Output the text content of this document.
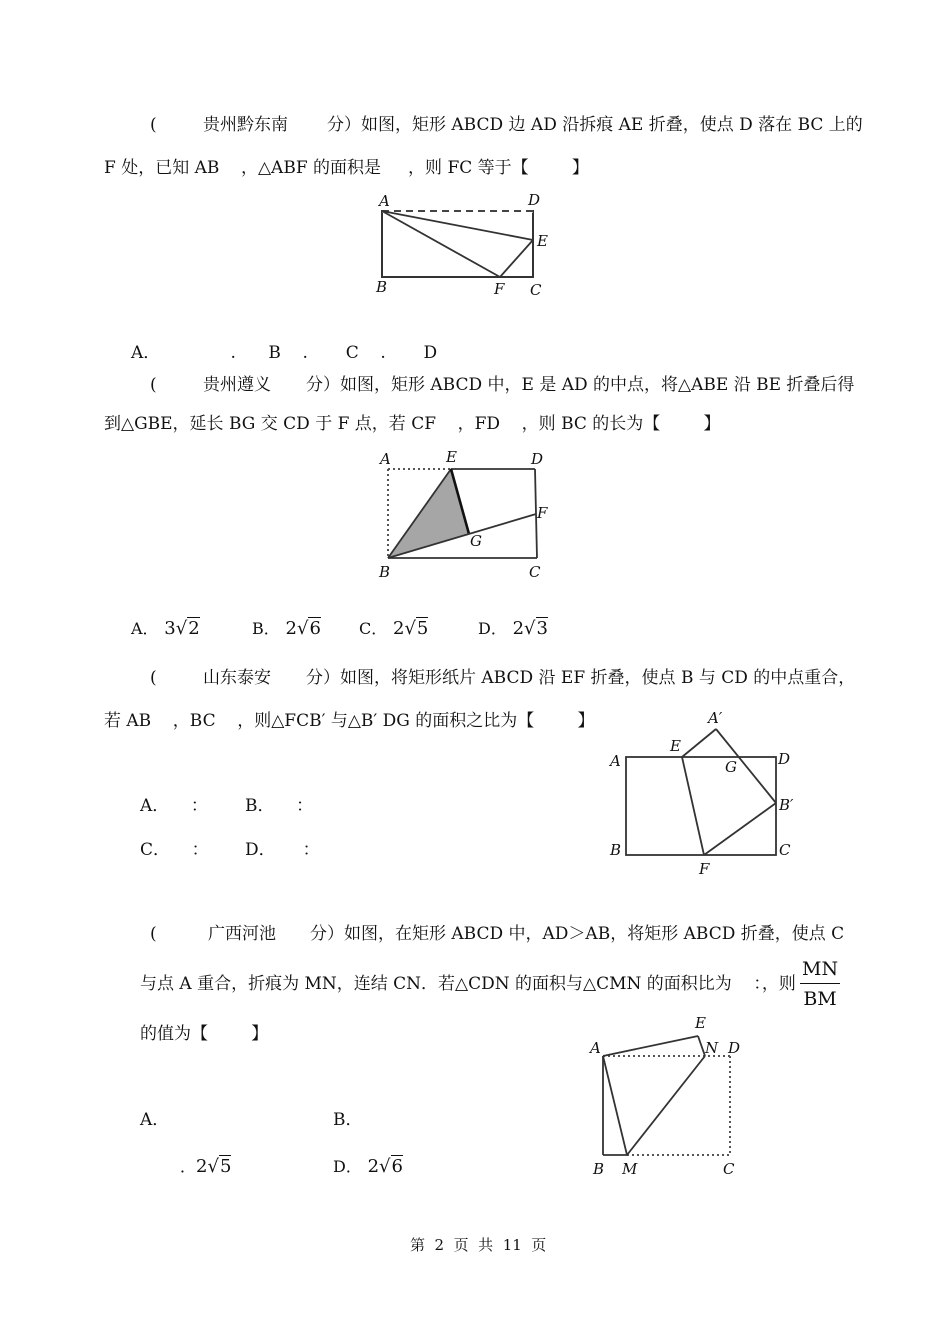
(	贵州黔东南 分）如图，矩形 ABCD 边 AD 沿拆痕 AE 折叠，使点 D 落在 BC 上的
F 处，已知 AB    ，△ABF 的面积是     ，则 FC 等于【        】
A	D
E
B	F C
A．             .      B    .       C    .       D
(	贵州遵义 分）如图，矩形 ABCD 中，E 是 AD 的中点，将△ABE 沿 BE 折叠后得
到△GBE，延长 BG 交 CD 于 F 点，若 CF    ，FD    ，则 BC 的长为【        】
A	E	D
F
G
B	C
A． 3√2	B． 2√6 C． 2√5	D． 2√3
(	山东泰安 分）如图，将矩形纸片 ABCD 沿 EF 折叠，使点 B 与 CD 的中点重合，
若 AB    ，BC    ，则△FCB′ 与△B′ DG 的面积之比为【        】	A′
E
A	G	D
B′
B	C
F
A．    ： B．    ：
C．    ： D．     ：
(	广西河池 分）如图，在矩形 ABCD 中，AD＞AB，将矩形 ABCD 折叠，使点 C
与点 A 重合，折痕为 MN，连结 CN．若△CDN 的面积与△CMN 的面积比为    ：，则 $\frac{MN}{BM}$
的值为【        】
E
A	N D
B M	C
A．	B．
．2√5	D． 2√6
第  2  页  共  11  页
